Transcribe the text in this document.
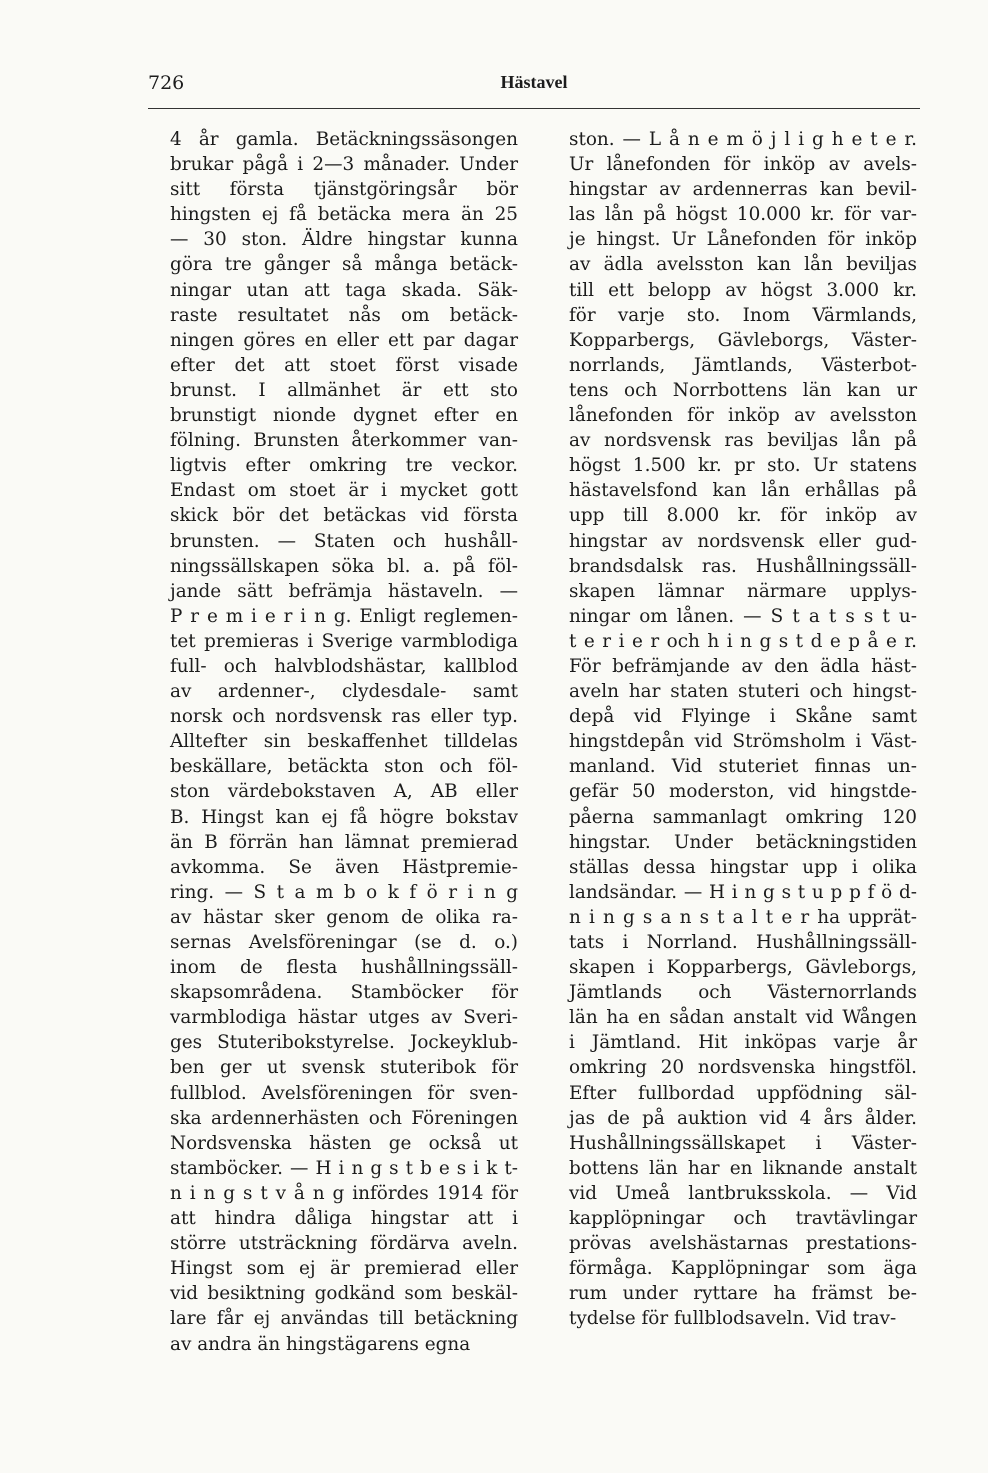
726	Hästavel
4 år gamla. Betäckningssäsongen
brukar pågå i 2—3 månader. Under
sitt första tjänstgöringsår bör
hingsten ej få betäcka mera än 25
— 30 ston. Äldre hingstar kunna
göra tre gånger så många betäck-
ningar utan att taga skada. Säk-
raste resultatet nås om betäck-
ningen göres en eller ett par dagar
efter det att stoet först visade
brunst. I allmänhet är ett sto
brunstigt nionde dygnet efter en
fölning. Brunsten återkommer van-
ligtvis efter omkring tre veckor.
Endast om stoet är i mycket gott
skick bör det betäckas vid första
brunsten. — Staten och hushåll-
ningssällskapen söka bl. a. på föl-
jande sätt befrämja hästaveln. —
P r e m i e r i n g. Enligt reglemen-
tet premieras i Sverige varmblodiga
full- och halvblodshästar, kallblod
av ardenner-, clydesdale- samt
norsk och nordsvensk ras eller typ.
Alltefter sin beskaffenhet tilldelas
beskällare, betäckta ston och föl-
ston värdebokstaven A, AB eller
B. Hingst kan ej få högre bokstav
än B förrän han lämnat premierad
avkomma. Se även Hästpremie-
ring. — S t a m b o k f ö r i n g
av hästar sker genom de olika ra-
sernas Avelsföreningar (se d. o.)
inom de flesta hushållningssäll-
skapsområdena. Stamböcker för
varmblodiga hästar utges av Sveri-
ges Stuteribokstyrelse. Jockeyklub-
ben ger ut svensk stuteribok för
fullblod. Avelsföreningen för sven-
ska ardennerhästen och Föreningen
Nordsvenska hästen ge också ut
stamböcker. — H i n g s t b e s i k t-
n i n g s t v å n g infördes 1914 för
att hindra dåliga hingstar att i
större utsträckning fördärva aveln.
Hingst som ej är premierad eller
vid besiktning godkänd som beskäl-
lare får ej användas till betäckning
av andra än hingstägarens egna
ston. — L å n e m ö j l i g h e t e r.
Ur lånefonden för inköp av avels-
hingstar av ardennerras kan bevil-
las lån på högst 10.000 kr. för var-
je hingst. Ur Lånefonden för inköp
av ädla avelsston kan lån beviljas
till ett belopp av högst 3.000 kr.
för varje sto. Inom Värmlands,
Kopparbergs, Gävleborgs, Väster-
norrlands, Jämtlands, Västerbot-
tens och Norrbottens län kan ur
lånefonden för inköp av avelsston
av nordsvensk ras beviljas lån på
högst 1.500 kr. pr sto. Ur statens
hästavelsfond kan lån erhållas på
upp till 8.000 kr. för inköp av
hingstar av nordsvensk eller gud-
brandsdalsk ras. Hushållningssäll-
skapen lämnar närmare upplys-
ningar om lånen. — S t a t s s t u-
t e r i e r och h i n g s t d e p å e r.
För befrämjande av den ädla häst-
aveln har staten stuteri och hingst-
depå vid Flyinge i Skåne samt
hingstdepån vid Strömsholm i Väst-
manland. Vid stuteriet finnas un-
gefär 50 moderston, vid hingstde-
påerna sammanlagt omkring 120
hingstar. Under betäckningstiden
ställas dessa hingstar upp i olika
landsändar. — H i n g s t u p p f ö d-
n i n g s a n s t a l t e r ha upprät-
tats i Norrland. Hushållningssäll-
skapen i Kopparbergs, Gävleborgs,
Jämtlands och Västernorrlands
län ha en sådan anstalt vid Wången
i Jämtland. Hit inköpas varje år
omkring 20 nordsvenska hingstföl.
Efter fullbordad uppfödning säl-
jas de på auktion vid 4 års ålder.
Hushållningssällskapet i Väster-
bottens län har en liknande anstalt
vid Umeå lantbruksskola. — Vid
kapplöpningar och travtävlingar
prövas avelshästarnas prestations-
förmåga. Kapplöpningar som äga
rum under ryttare ha främst be-
tydelse för fullblodsaveln. Vid trav-
